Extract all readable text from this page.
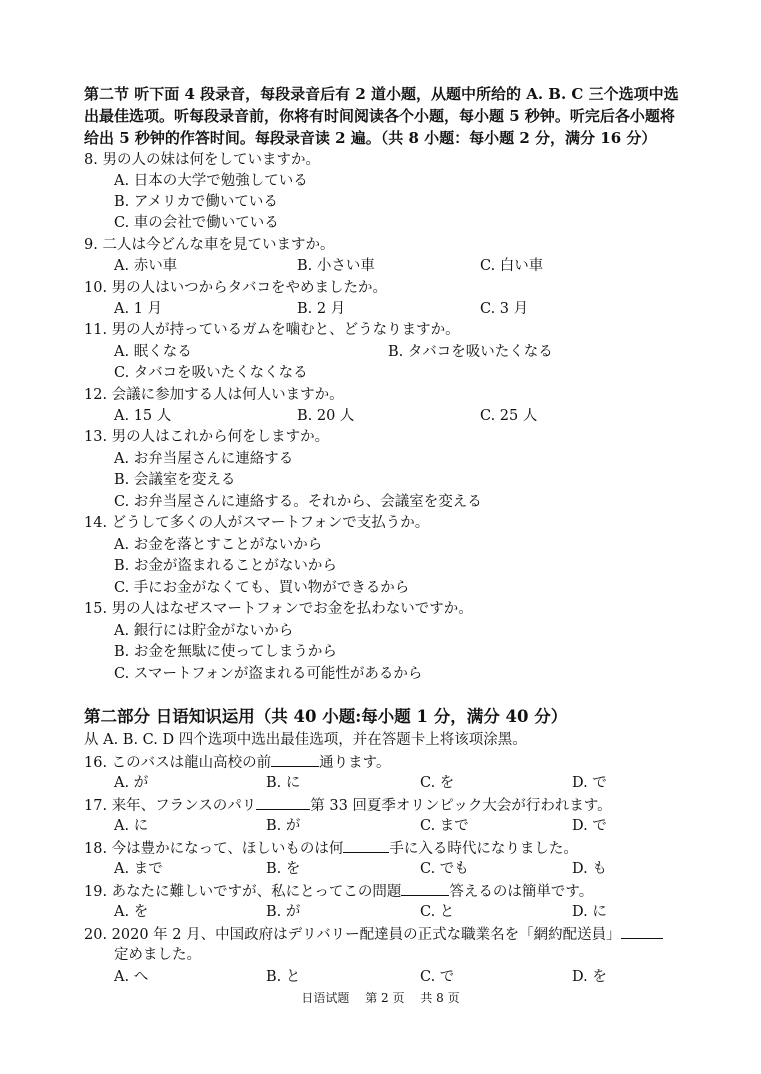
第二节 听下面 4 段录音，每段录音后有 2 道小题，从题中所给的 A. B. C 三个选项中选
出最佳选项。听每段录音前，你将有时间阅读各个小题，每小题 5 秒钟。听完后各小题将
给出 5 秒钟的作答时间。每段录音读 2 遍。（共 8 小题：每小题 2 分，满分 16 分）
8. 男の人の妹は何をしていますか。
A. 日本の大学で勉強している
B. アメリカで働いている
C. 車の会社で働いている
9. 二人は今どんな車を見ていますか。
A. 赤い車	B. 小さい車	C. 白い車
10. 男の人はいつからタバコをやめましたか。
A. 1 月	B. 2 月	C. 3 月
11. 男の人が持っているガムを噛むと、どうなりますか。
A. 眠くなる	B. タバコを吸いたくなる
C. タバコを吸いたくなくなる
12. 会議に参加する人は何人いますか。
A. 15 人	B. 20 人	C. 25 人
13. 男の人はこれから何をしますか。
A. お弁当屋さんに連絡する
B. 会議室を変える
C. お弁当屋さんに連絡する。それから、会議室を変える
14. どうして多くの人がスマートフォンで支払うか。
A. お金を落とすことがないから
B. お金が盗まれることがないから
C. 手にお金がなくても、買い物ができるから
15. 男の人はなぜスマートフォンでお金を払わないですか。
A. 銀行には貯金がないから
B. お金を無駄に使ってしまうから
C. スマートフォンが盗まれる可能性があるから
第二部分 日语知识运用（共 40 小题:每小题 1 分，满分 40 分）
从 A. B. C. D 四个选项中选出最佳选项，并在答题卡上将该项涂黑。
16. このバスは龍山高校の前	通ります。
A. が	B. に	C. を	D. で
17. 来年、フランスのパリ	第 33 回夏季オリンピック大会が行われます。
A. に	B. が	C. まで	D. で
18. 今は豊かになって、ほしいものは何	手に入る時代になりました。
A. まで	B. を	C. でも	D. も
19. あなたに難しいですが、私にとってこの問題	答えるのは簡単です。
A. を	B. が	C. と	D. に
20. 2020 年 2 月、中国政府はデリバリー配達員の正式な職業名を「網約配送員」
定めました。
A. へ	B. と	C. で	D. を
日语试题 第 2 页 共 8 页
